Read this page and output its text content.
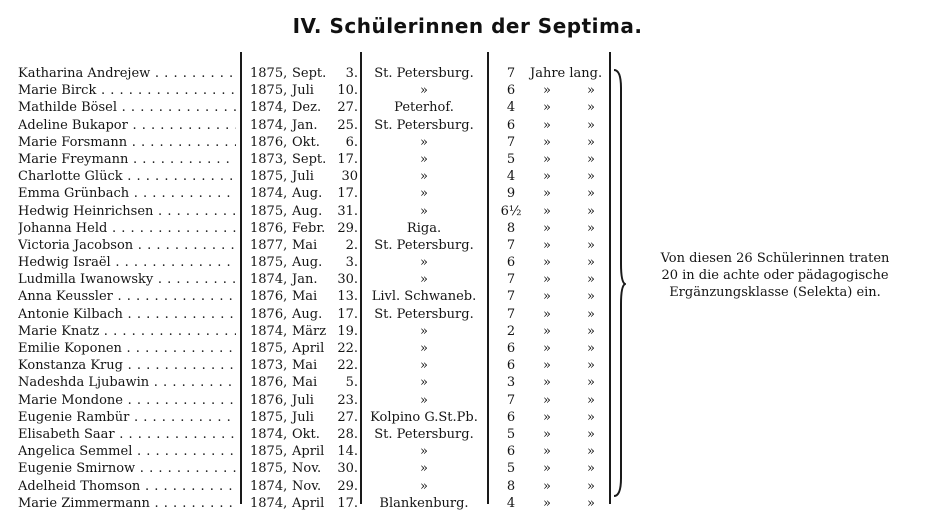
IV. Schülerinnen der Septima.
Katharina Andrejew . . .	1875, Sept.	3.	St. Petersburg.	7	Jahre lang.
Marie Birck . . .	1875, Juli 10.	»	6	»	»
Mathilde Bösel . . .	1874, Dez. 27.	Peterhof.	4	»	»
Adeline Bukapor . . .	1874, Jan. 25.	St. Petersburg.	6	»	»
Marie Forsmann . . .	1876, Okt.	6.	»	7	»	»
Marie Freymann . . .	1873, Sept. 17.	»	5	»	»
Charlotte Glück . . .	1875, Juli	30	»	4	»	»
Emma Grünbach . . .	1874, Aug. 17.	»	9	»	»
Hedwig Heinrichsen . . .	1875, Aug. 31.	»	6½	»	»
Johanna Held . . .	1876, Febr. 29.	Riga.	8	»	»
Victoria Jacobson . . .	1877, Mai	2.	St. Petersburg.	7	»	»
Hedwig Israël . . .	1875, Aug.	3.	»	6	»	»
Ludmilla Iwanowsky . . .	1874, Jan. 30.	»	7	»	»
Anna Keussler . . .	1876, Mai 13.	Livl. Schwaneb.	7	»	»
Antonie Kilbach . . .	1876, Aug. 17.	St. Petersburg.	7	»	»
Marie Knatz . . .	1874, März 19.	»	2	»	»
Emilie Koponen . . .	1875, April 22.	»	6	»	»
Konstanza Krug . . .	1873, Mai 22.	»	6	»	»
Nadeshda Ljubawin . . .	1876, Mai	5.	»	3	»	»
Marie Mondone . . .	1876, Juli 23.	»	7	»	»
Eugenie Rambür . . .	1875, Juli 27. Kolpino G.St.Pb.	6	»	»
Elisabeth Saar . . .	1874, Okt. 28.	St. Petersburg.	5	»	»
Angelica Semmel . . .	1875, April 14.	»	6	»	»
Eugenie Smirnow . . .	1875, Nov. 30.	»	5	»	»
Adelheid Thomson . . .	1874, Nov. 29.	»	8	»	»
Marie Zimmermann . . .	1874, April 17.	Blankenburg.	4	»	»
Von diesen 26 Schülerinnen traten
20 in die achte oder pädagogische
Ergänzungsklasse (Selekta) ein.
